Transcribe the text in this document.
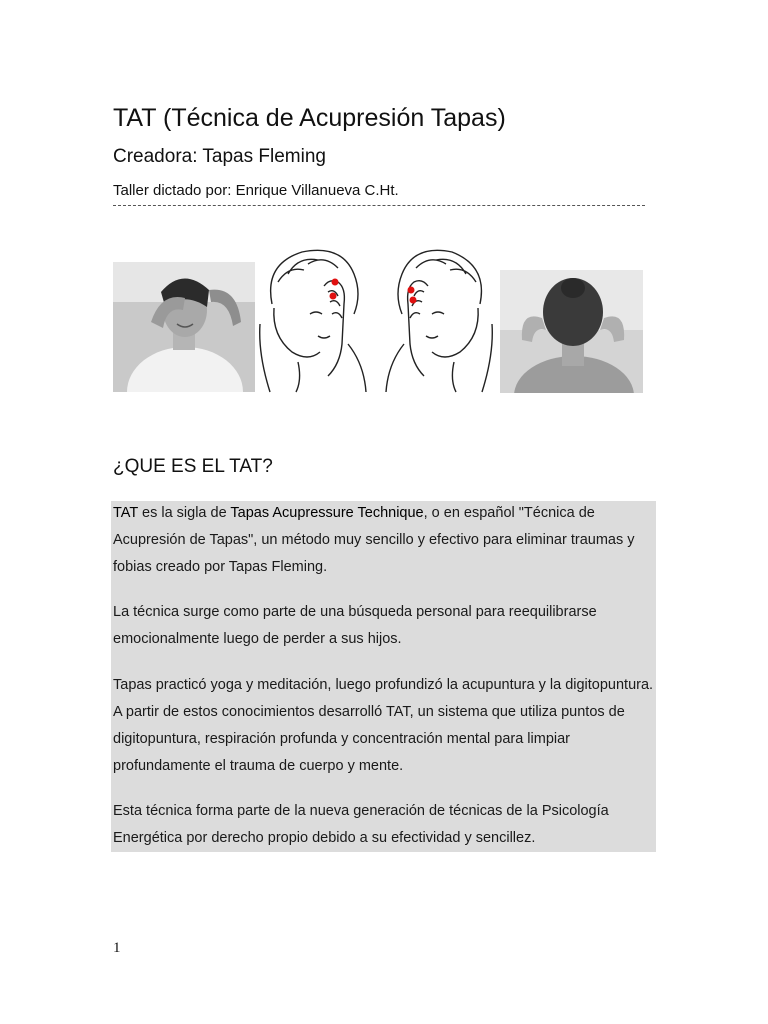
TAT (Técnica de Acupresión Tapas)
Creadora: Tapas Fleming
Taller dictado por: Enrique Villanueva C.Ht.
¿QUE ES EL TAT?

TAT es la sigla de Tapas Acupressure Technique, o en español "Técnica de Acupresión de Tapas", un método muy sencillo y efectivo para eliminar traumas y fobias creado por Tapas Fleming.

La técnica surge como parte de una búsqueda personal para reequilibrarse emocionalmente luego de perder a sus hijos.

Tapas practicó yoga y meditación, luego profundizó la acupuntura y la digitopuntura. A partir de estos conocimientos desarrolló TAT, un sistema que utiliza puntos de digitopuntura, respiración profunda y concentración mental para limpiar profundamente el trauma de cuerpo y mente.

Esta técnica forma parte de la nueva generación de técnicas de la Psicología Energética por derecho propio debido a su efectividad y sencillez.

1
